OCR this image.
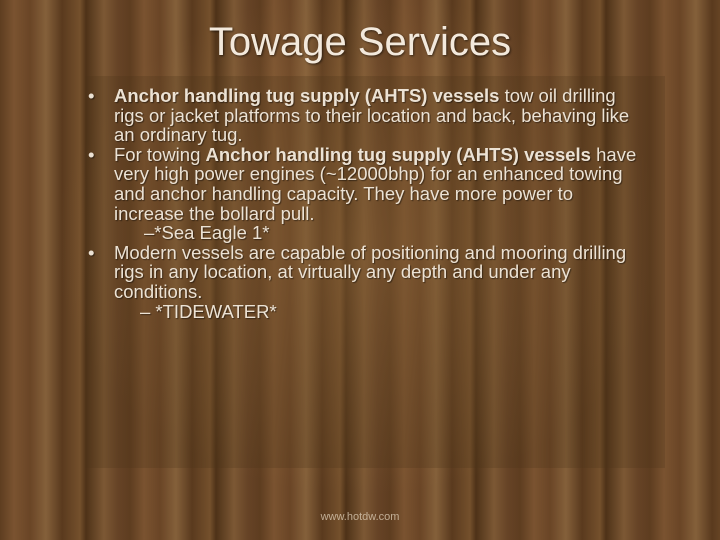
Towage Services
• Anchor handling tug supply (AHTS) vessels tow oil drilling rigs or jacket platforms to their location and back, behaving like an ordinary tug.
• For towing Anchor handling tug supply (AHTS) vessels have very high power engines (~12000bhp) for an enhanced towing and anchor handling capacity. They have more power to increase the bollard pull.
–*Sea Eagle 1*
• Modern vessels are capable of positioning and mooring drilling rigs in any location, at virtually any depth and under any conditions.
– *TIDEWATER*
www.hotdw.com
